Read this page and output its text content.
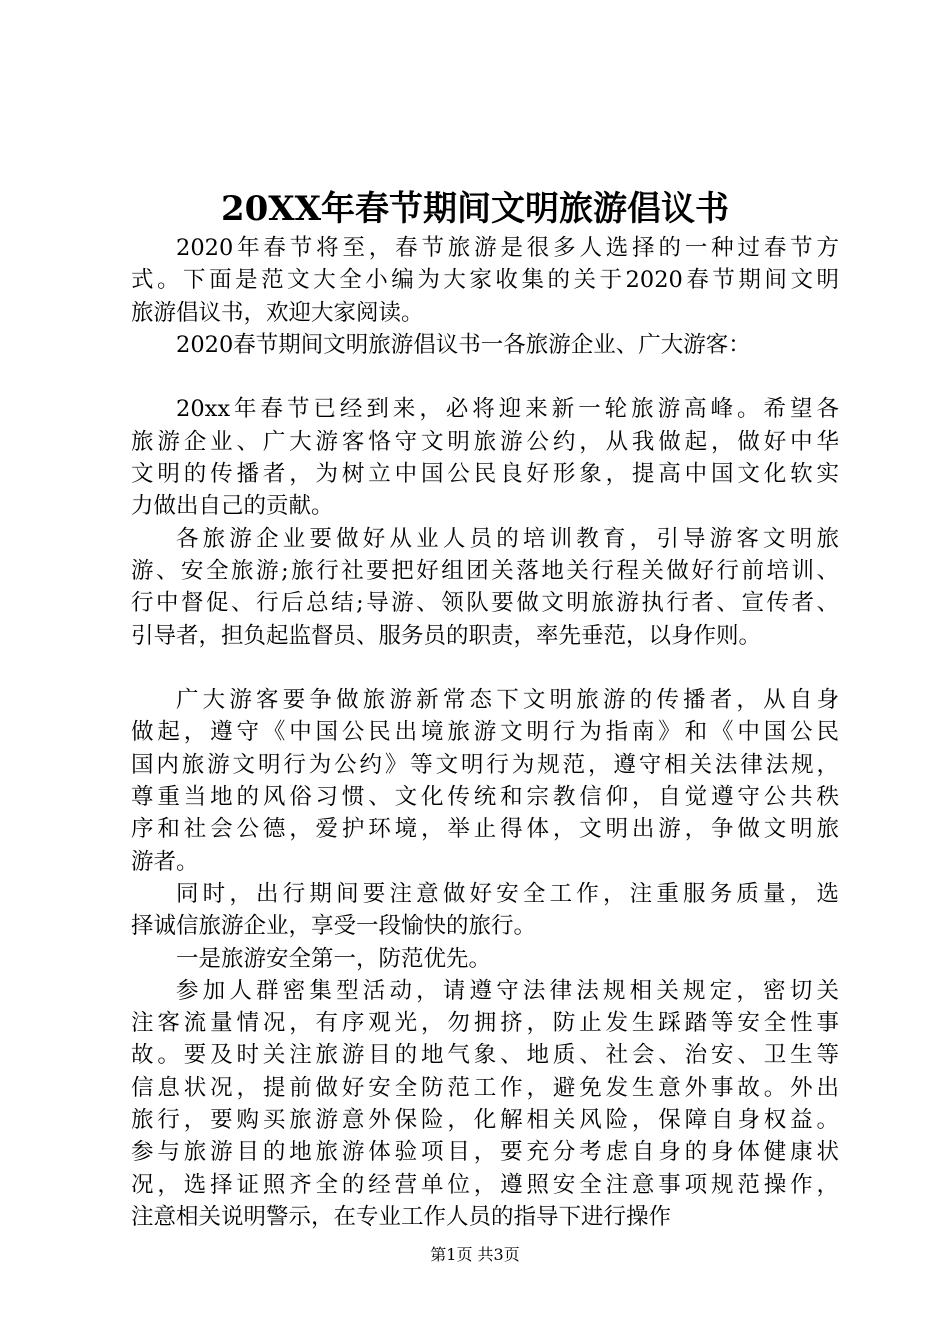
20XX年春节期间文明旅游倡议书

2020年春节将至，春节旅游是很多人选择的一种过春节方
式。下面是范文大全小编为大家收集的关于2020春节期间文明
旅游倡议书，欢迎大家阅读。

2020春节期间文明旅游倡议书一各旅游企业、广大游客：

20xx年春节已经到来，必将迎来新一轮旅游高峰。希望各
旅游企业、广大游客恪守文明旅游公约，从我做起，做好中华
文明的传播者，为树立中国公民良好形象，提高中国文化软实
力做出自己的贡献。

各旅游企业要做好从业人员的培训教育，引导游客文明旅
游、安全旅游;旅行社要把好组团关落地关行程关做好行前培训、
行中督促、行后总结;导游、领队要做文明旅游执行者、宣传者、
引导者，担负起监督员、服务员的职责，率先垂范，以身作则。

广大游客要争做旅游新常态下文明旅游的传播者，从自身
做起，遵守《中国公民出境旅游文明行为指南》和《中国公民
国内旅游文明行为公约》等文明行为规范，遵守相关法律法规，
尊重当地的风俗习惯、文化传统和宗教信仰，自觉遵守公共秩
序和社会公德，爱护环境，举止得体，文明出游，争做文明旅
游者。

同时，出行期间要注意做好安全工作，注重服务质量，选
择诚信旅游企业，享受一段愉快的旅行。

一是旅游安全第一，防范优先。

参加人群密集型活动，请遵守法律法规相关规定，密切关
注客流量情况，有序观光，勿拥挤，防止发生踩踏等安全性事
故。要及时关注旅游目的地气象、地质、社会、治安、卫生等
信息状况，提前做好安全防范工作，避免发生意外事故。外出
旅行，要购买旅游意外保险，化解相关风险，保障自身权益。
参与旅游目的地旅游体验项目，要充分考虑自身的身体健康状
况，选择证照齐全的经营单位，遵照安全注意事项规范操作，
注意相关说明警示，在专业工作人员的指导下进行操作

第1页 共3页
